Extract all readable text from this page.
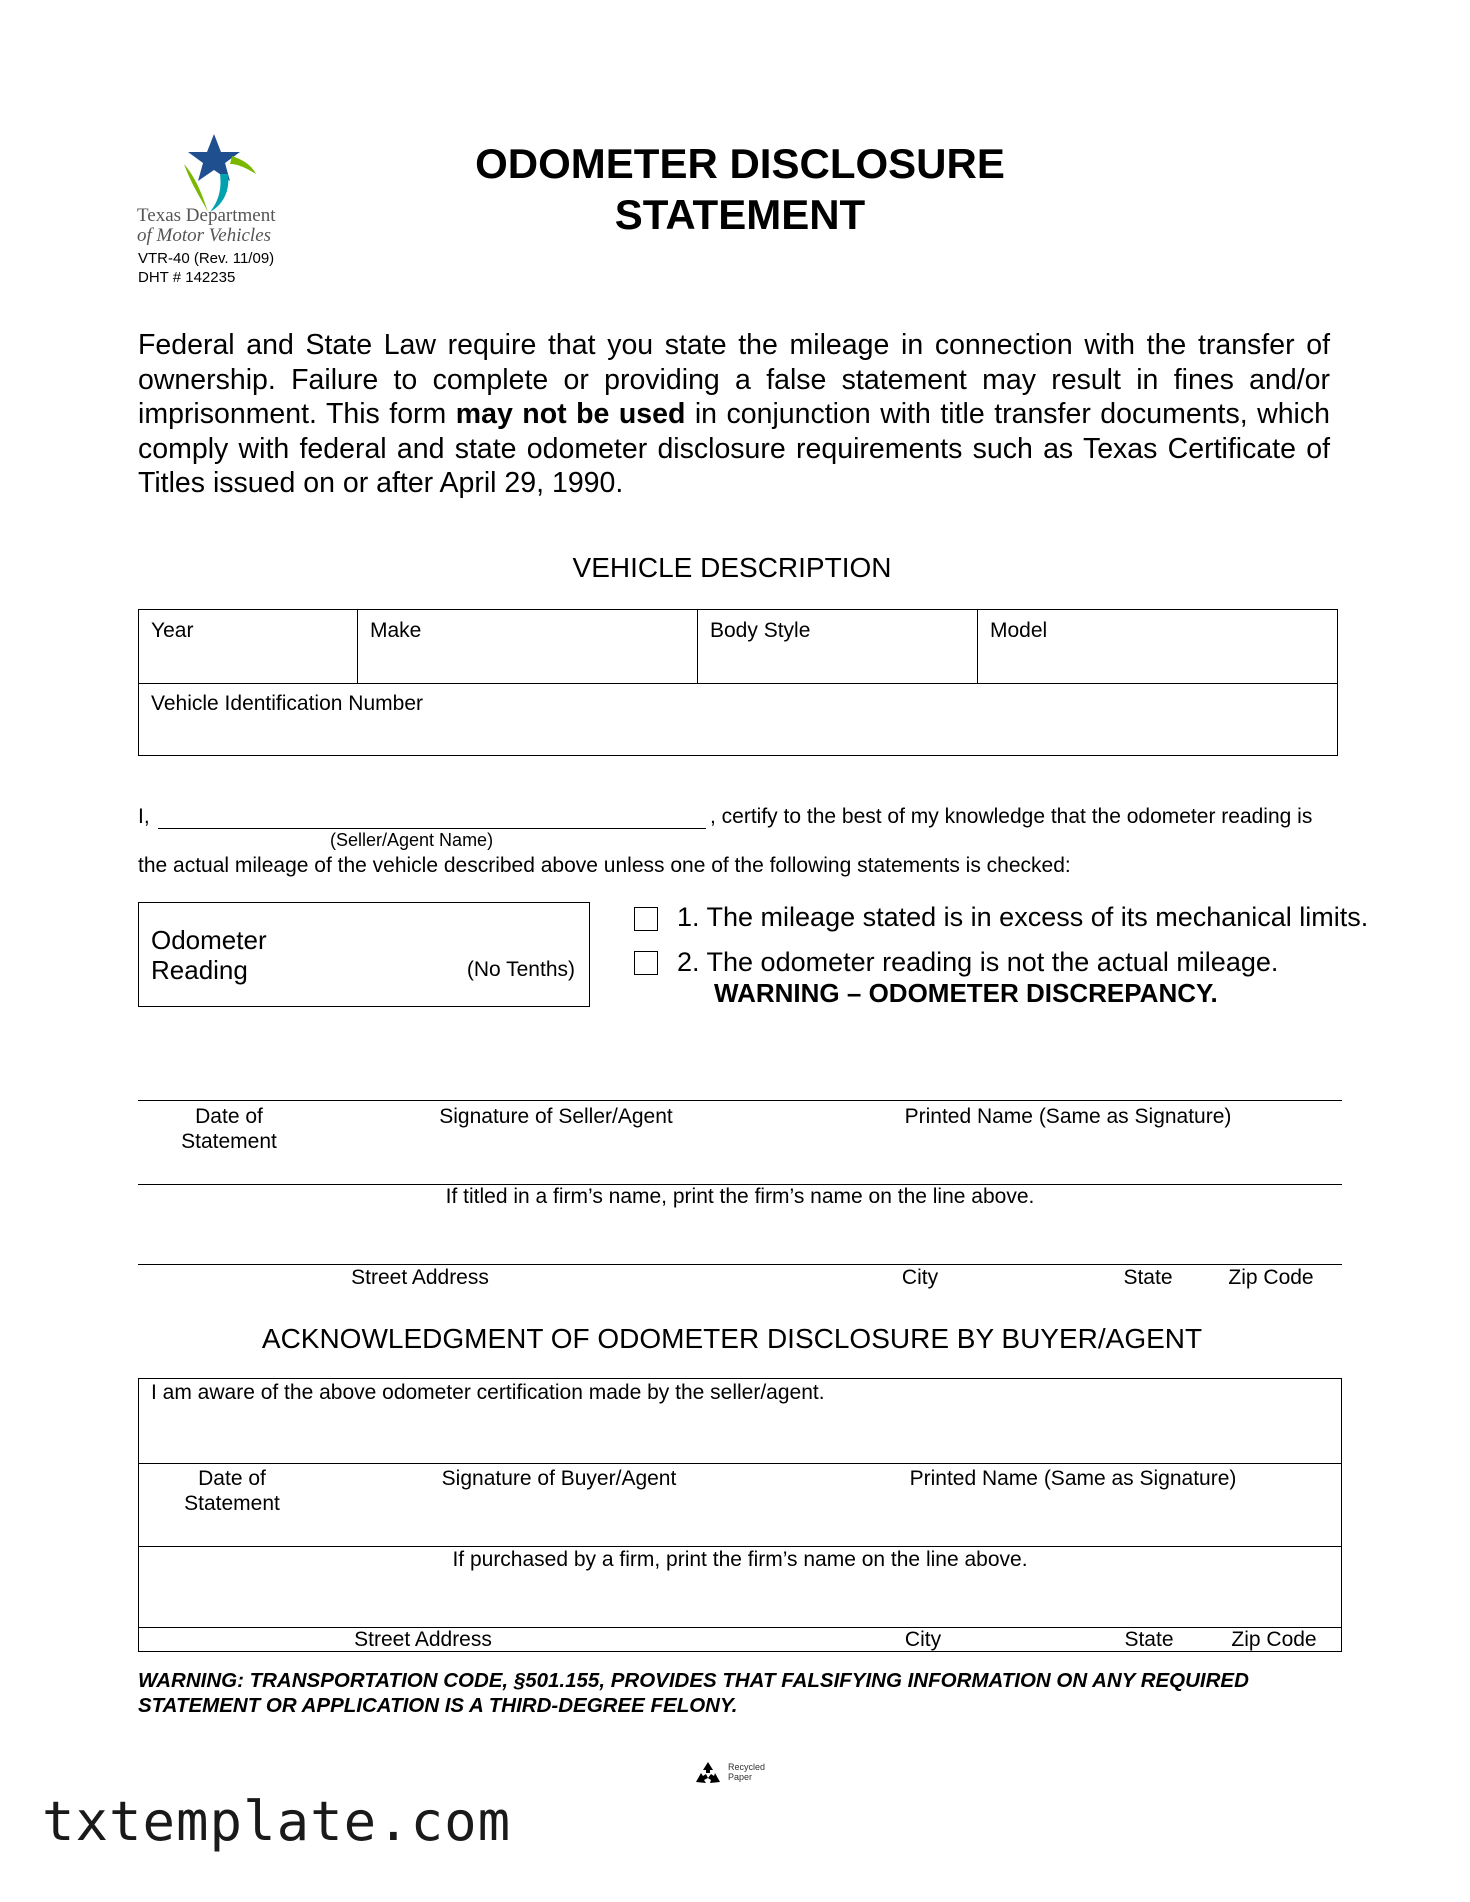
Texas Department
of Motor Vehicles
VTR-40 (Rev. 11/09)
DHT # 142235
ODOMETER DISCLOSURE
STATEMENT
Federal and State Law require that you state the mileage in connection with the transfer of ownership. Failure to complete or providing a false statement may result in fines and/or imprisonment. This form may not be used in conjunction with title transfer documents, which comply with federal and state odometer disclosure requirements such as Texas Certificate of Titles issued on or after April 29, 1990.
VEHICLE DESCRIPTION
Year	Make	Body Style	Model
Vehicle Identification Number
I,	, certify to the best of my knowledge that the odometer reading is
(Seller/Agent Name)
the actual mileage of the vehicle described above unless one of the following statements is checked:
Odometer
Reading	(No Tenths)
1. The mileage stated is in excess of its mechanical limits.
2. The odometer reading is not the actual mileage.
WARNING – ODOMETER DISCREPANCY.
Date of
Statement
Signature of Seller/Agent	Printed Name (Same as Signature)
If titled in a firm’s name, print the firm’s name on the line above.
Street Address	City	State	Zip Code
ACKNOWLEDGMENT OF ODOMETER DISCLOSURE BY BUYER/AGENT
I am aware of the above odometer certification made by the seller/agent.
Date of
Statement
Signature of Buyer/Agent	Printed Name (Same as Signature)
If purchased by a firm, print the firm’s name on the line above.
Street Address	City	State	Zip Code
WARNING: TRANSPORTATION CODE, §501.155, PROVIDES THAT FALSIFYING INFORMATION ON ANY REQUIRED
STATEMENT OR APPLICATION IS A THIRD-DEGREE FELONY.
Recycled
Paper
txtemplate.com
